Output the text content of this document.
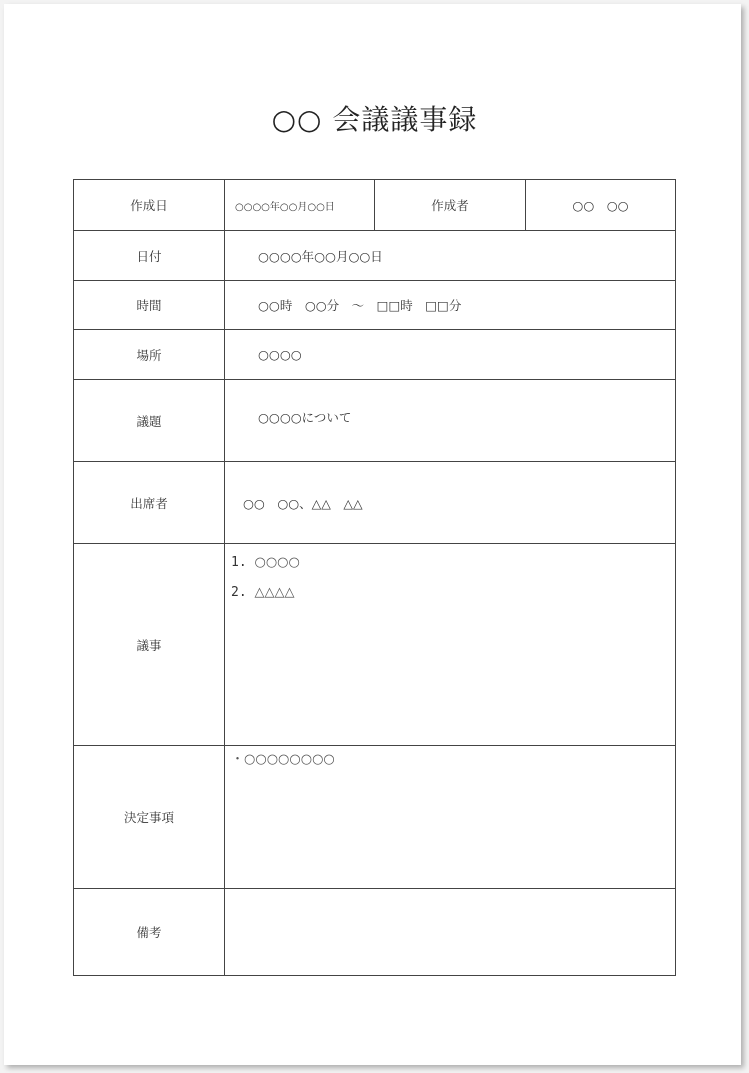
○○ 会議議事録
作成日	○○○○年○○月○○日	作成者	○○　○○
日付	○○○○年○○月○○日		
時間	○○時　○○分　～　□□時　□□分		
場所	○○○○		
議題	○○○○について		
出席者	○○　○○、△△　△△		
議事	1. ○○○○
2. △△△△		

決定事項	・○○○○○○○○		

備考			
